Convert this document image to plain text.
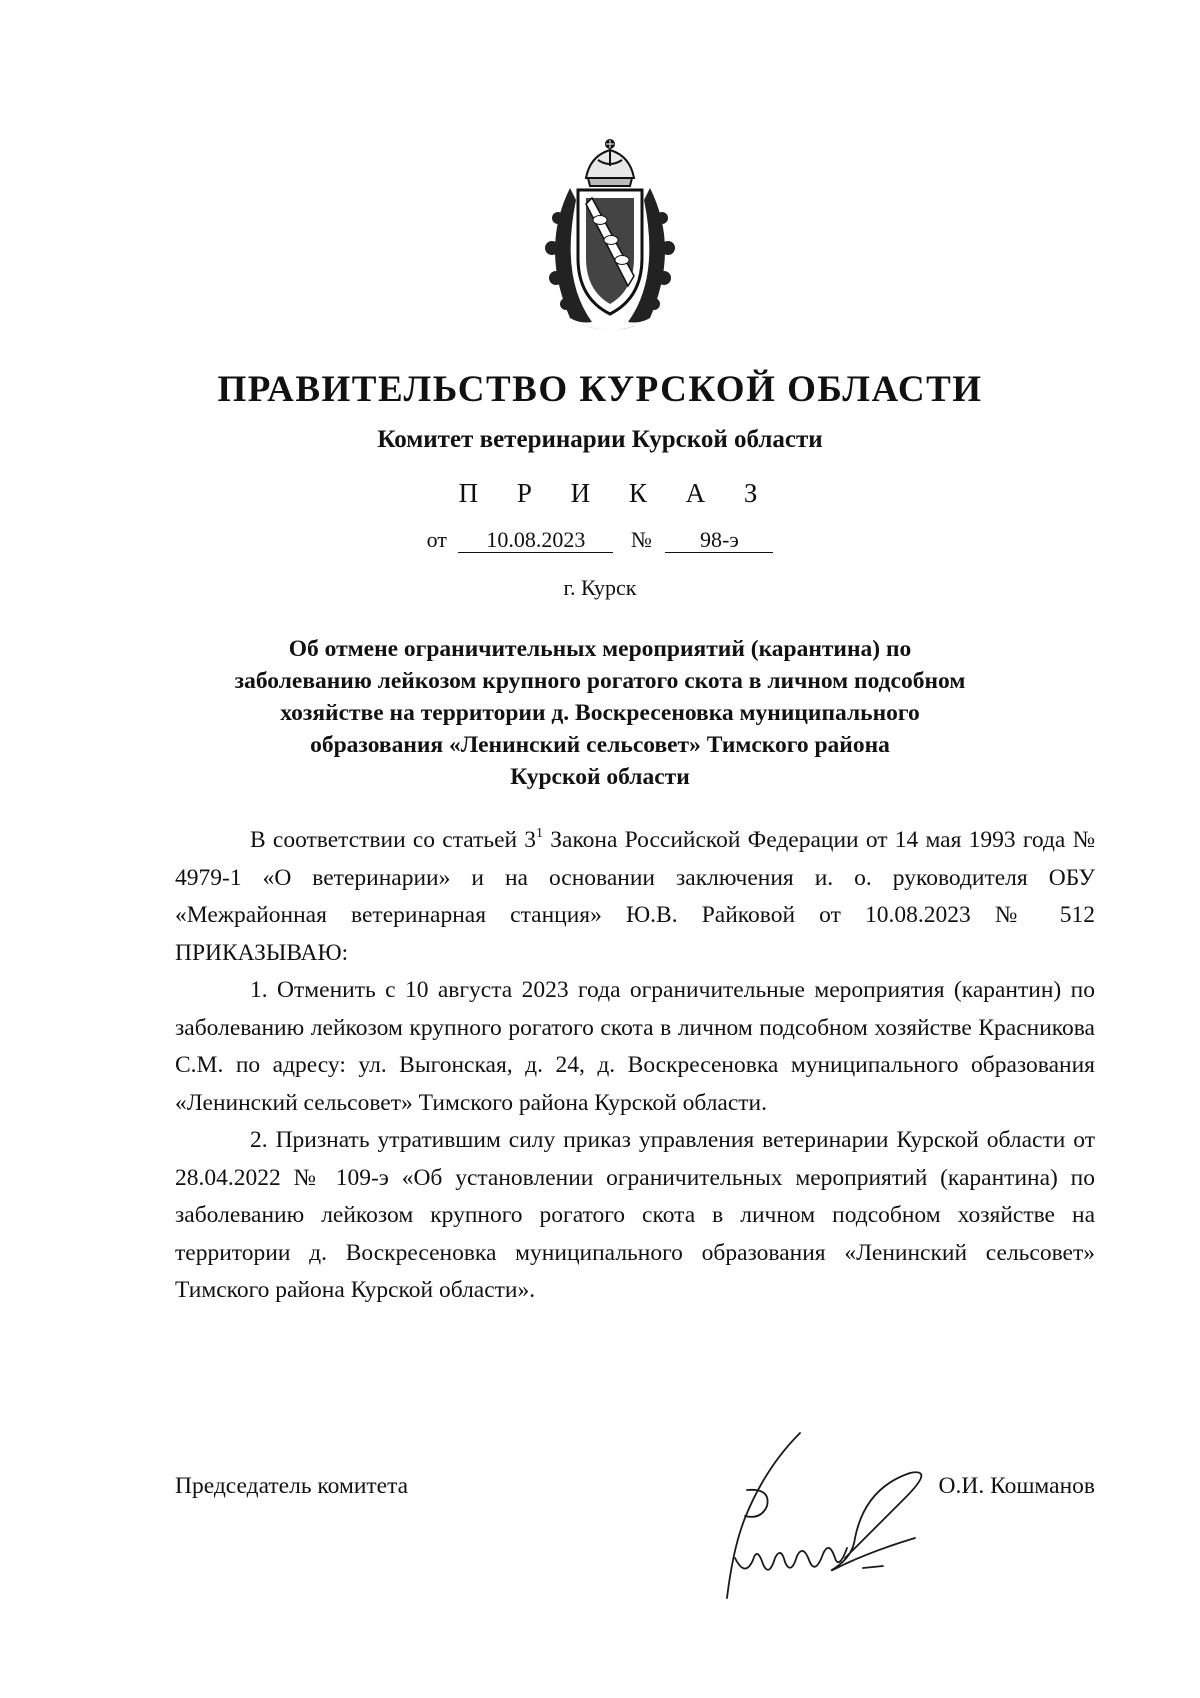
ПРАВИТЕЛЬСТВО КУРСКОЙ ОБЛАСТИ
Комитет ветеринарии Курской области
П Р И К А З
от 10.08.2023 № 98-э
г. Курск
Об отмене ограничительных мероприятий (карантина) по
заболеванию лейкозом крупного рогатого скота в личном подсобном
хозяйстве на территории д. Воскресеновка муниципального
образования «Ленинский сельсовет» Тимского района
Курской области

В соответствии со статьей $3^1$ Закона Российской Федерации от 14 мая 1993 года № 4979-1 «О ветеринарии» и на основании заключения и. о. руководителя ОБУ «Межрайонная ветеринарная станция» Ю.В. Райковой от 10.08.2023 № 512 ПРИКАЗЫВАЮ:

1. Отменить с 10 августа 2023 года ограничительные мероприятия (карантин) по заболеванию лейкозом крупного рогатого скота в личном подсобном хозяйстве Красникова С.М. по адресу: ул. Выгонская, д. 24, д. Воскресеновка муниципального образования «Ленинский сельсовет» Тимского района Курской области.

2. Признать утратившим силу приказ управления ветеринарии Курской области от 28.04.2022 № 109-э «Об установлении ограничительных мероприятий (карантина) по заболеванию лейкозом крупного рогатого скота в личном подсобном хозяйстве на территории д. Воскресеновка муниципального образования «Ленинский сельсовет» Тимского района Курской области».

Председатель комитета	О.И. Кошманов
